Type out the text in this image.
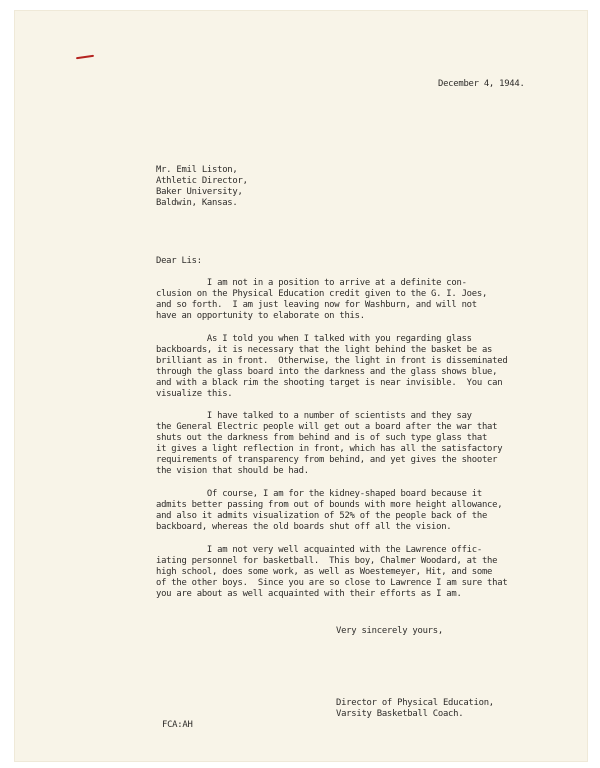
December 4, 1944.
Mr. Emil Liston,
Athletic Director,
Baker University,
Baldwin, Kansas.
Dear Lis:
I am not in a position to arrive at a definite con-
clusion on the Physical Education credit given to the G. I. Joes,
and so forth.  I am just leaving now for Washburn, and will not
have an opportunity to elaborate on this.
As I told you when I talked with you regarding glass
backboards, it is necessary that the light behind the basket be as
brilliant as in front.  Otherwise, the light in front is disseminated
through the glass board into the darkness and the glass shows blue,
and with a black rim the shooting target is near invisible.  You can
visualize this.
I have talked to a number of scientists and they say
the General Electric people will get out a board after the war that
shuts out the darkness from behind and is of such type glass that
it gives a light reflection in front, which has all the satisfactory
requirements of transparency from behind, and yet gives the shooter
the vision that should be had.
Of course, I am for the kidney-shaped board because it
admits better passing from out of bounds with more height allowance,
and also it admits visualization of 52% of the people back of the
backboard, whereas the old boards shut off all the vision.
I am not very well acquainted with the Lawrence offic-
iating personnel for basketball.  This boy, Chalmer Woodard, at the
high school, does some work, as well as Woestemeyer, Hit, and some
of the other boys.  Since you are so close to Lawrence I am sure that
you are about as well acquainted with their efforts as I am.
Very sincerely yours,
Director of Physical Education,
Varsity Basketball Coach.
FCA:AH
